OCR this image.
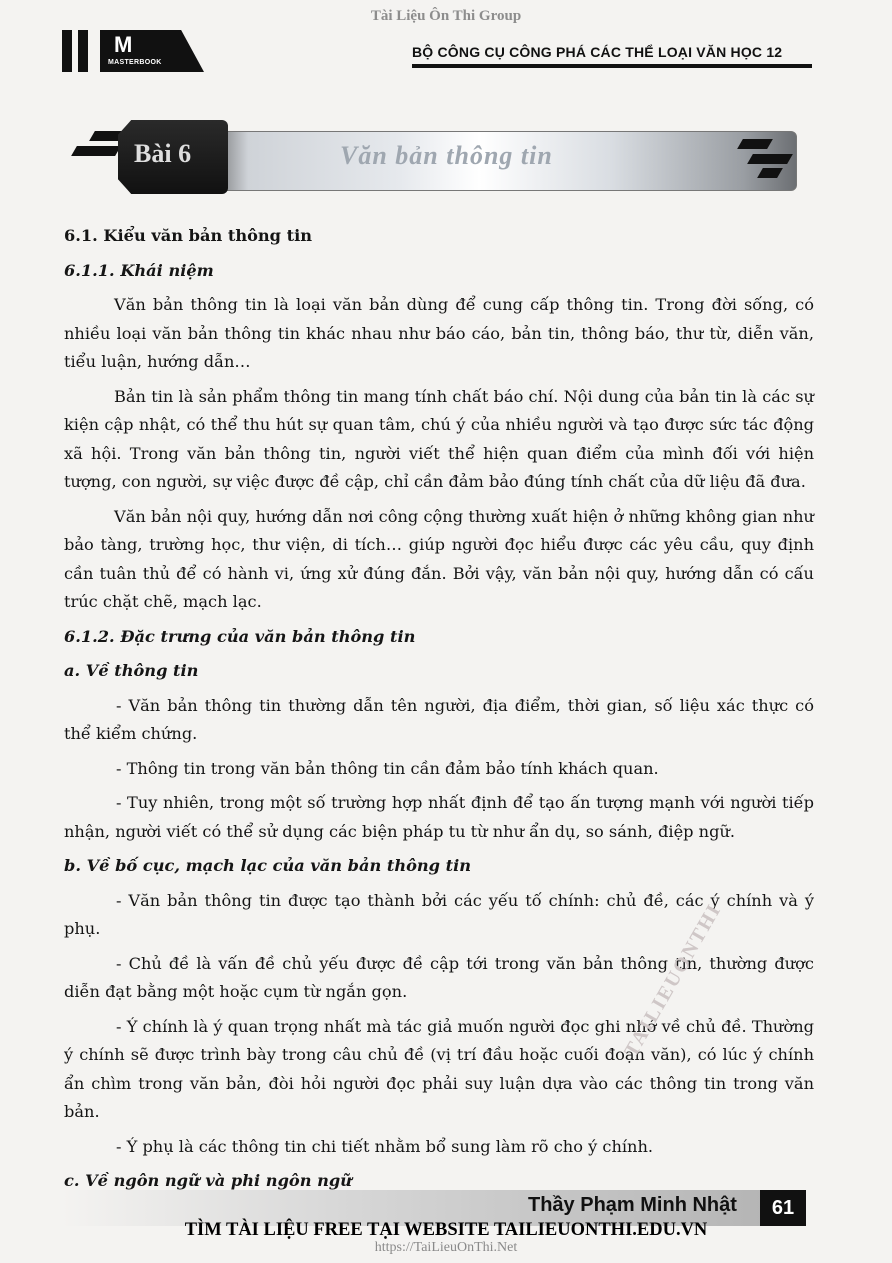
Tài Liệu Ôn Thi Group
M
MASTERBOOK
BỘ CÔNG CỤ CÔNG PHÁ CÁC THỂ LOẠI VĂN HỌC 12
Bài 6	Văn bản thông tin

6.1. Kiểu văn bản thông tin

6.1.1. Khái niệm

Văn bản thông tin là loại văn bản dùng để cung cấp thông tin. Trong đời sống, có nhiều loại văn bản thông tin khác nhau như báo cáo, bản tin, thông báo, thư từ, diễn văn, tiểu luận, hướng dẫn…

Bản tin là sản phẩm thông tin mang tính chất báo chí. Nội dung của bản tin là các sự kiện cập nhật, có thể thu hút sự quan tâm, chú ý của nhiều người và tạo được sức tác động xã hội. Trong văn bản thông tin, người viết thể hiện quan điểm của mình đối với hiện tượng, con người, sự việc được đề cập, chỉ cần đảm bảo đúng tính chất của dữ liệu đã đưa.

Văn bản nội quy, hướng dẫn nơi công cộng thường xuất hiện ở những không gian như bảo tàng, trường học, thư viện, di tích… giúp người đọc hiểu được các yêu cầu, quy định cần tuân thủ để có hành vi, ứng xử đúng đắn. Bởi vậy, văn bản nội quy, hướng dẫn có cấu trúc chặt chẽ, mạch lạc.

6.1.2. Đặc trưng của văn bản thông tin

a. Về thông tin

- Văn bản thông tin thường dẫn tên người, địa điểm, thời gian, số liệu xác thực có thể kiểm chứng.

- Thông tin trong văn bản thông tin cần đảm bảo tính khách quan.

- Tuy nhiên, trong một số trường hợp nhất định để tạo ấn tượng mạnh với người tiếp nhận, người viết có thể sử dụng các biện pháp tu từ như ẩn dụ, so sánh, điệp ngữ.

b. Về bố cục, mạch lạc của văn bản thông tin

- Văn bản thông tin được tạo thành bởi các yếu tố chính: chủ đề, các ý chính và ý phụ.

- Chủ đề là vấn đề chủ yếu được đề cập tới trong văn bản thông tin, thường được diễn đạt bằng một hoặc cụm từ ngắn gọn.

- Ý chính là ý quan trọng nhất mà tác giả muốn người đọc ghi nhớ về chủ đề. Thường ý chính sẽ được trình bày trong câu chủ đề (vị trí đầu hoặc cuối đoạn văn), có lúc ý chính ẩn chìm trong văn bản, đòi hỏi người đọc phải suy luận dựa vào các thông tin trong văn bản.

- Ý phụ là các thông tin chi tiết nhằm bổ sung làm rõ cho ý chính.

c. Về ngôn ngữ và phi ngôn ngữ

TAILIEUONTHI
Thầy Phạm Minh Nhật	61
TÌM TÀI LIỆU FREE TẠI WEBSITE TAILIEUONTHI.EDU.VN
https://TaiLieuOnThi.Net
